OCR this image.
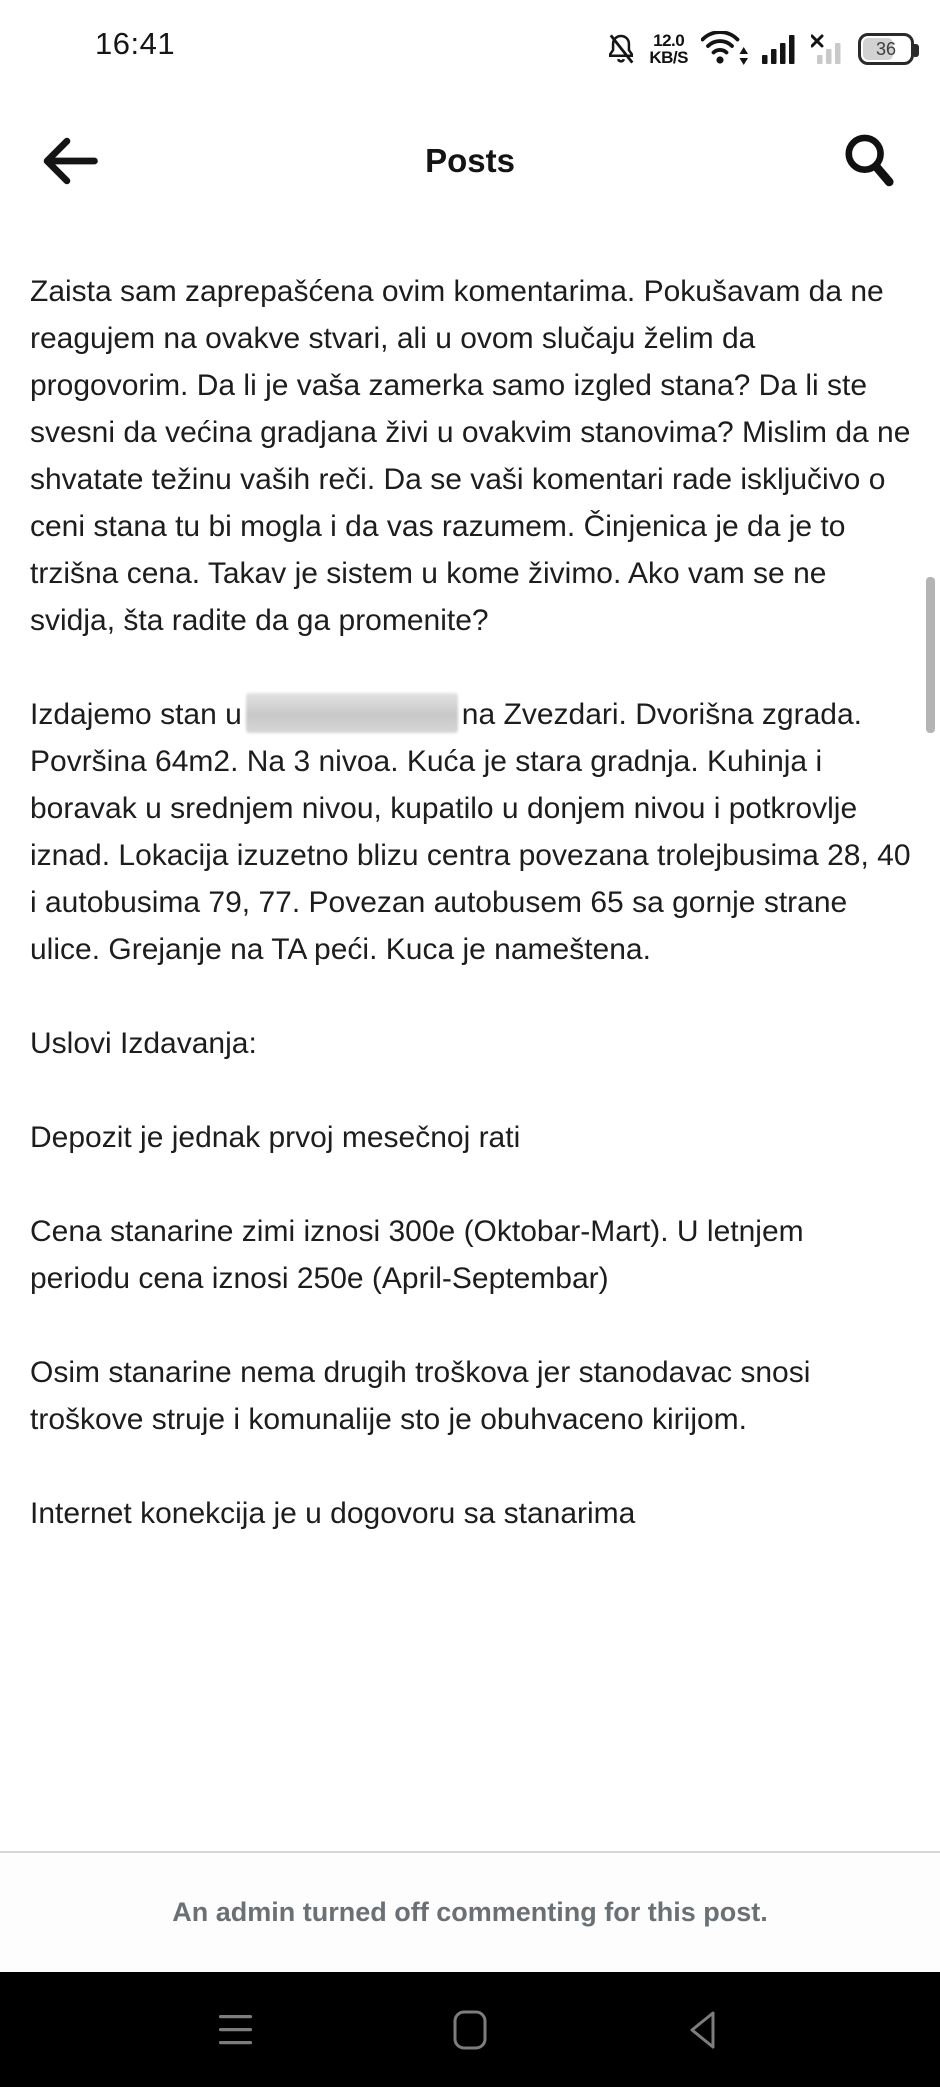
16:41	12.0
KB/S	36
Posts

Zaista sam zaprepašćena ovim komentarima. Pokušavam da ne reagujem na ovakve stvari, ali u ovom slučaju želim da progovorim. Da li je vaša zamerka samo izgled stana? Da li ste svesni da većina gradjana živi u ovakvim stanovima? Mislim da ne shvatate težinu vaših reči. Da se vaši komentari rade isključivo o ceni stana tu bi mogla i da vas razumem. Činjenica je da je to trzišna cena. Takav je sistem u kome živimo. Ako vam se ne svidja, šta radite da ga promenite?

Izdajemo stan u	na Zvezdari. Dvorišna zgrada. Površina 64m2. Na 3 nivoa. Kuća je stara gradnja. Kuhinja i boravak u srednjem nivou, kupatilo u donjem nivou i potkrovlje iznad. Lokacija izuzetno blizu centra povezana trolejbusima 28, 40 i autobusima 79, 77. Povezan autobusem 65 sa gornje strane ulice. Grejanje na TA peći. Kuca je nameštena.

Uslovi Izdavanja:

Depozit je jednak prvoj mesečnoj rati

Cena stanarine zimi iznosi 300e (Oktobar-Mart). U letnjem periodu cena iznosi 250e (April-Septembar)

Osim stanarine nema drugih troškova jer stanodavac snosi troškove struje i komunalije sto je obuhvaceno kirijom.

Internet konekcija je u dogovoru sa stanarima

An admin turned off commenting for this post.
